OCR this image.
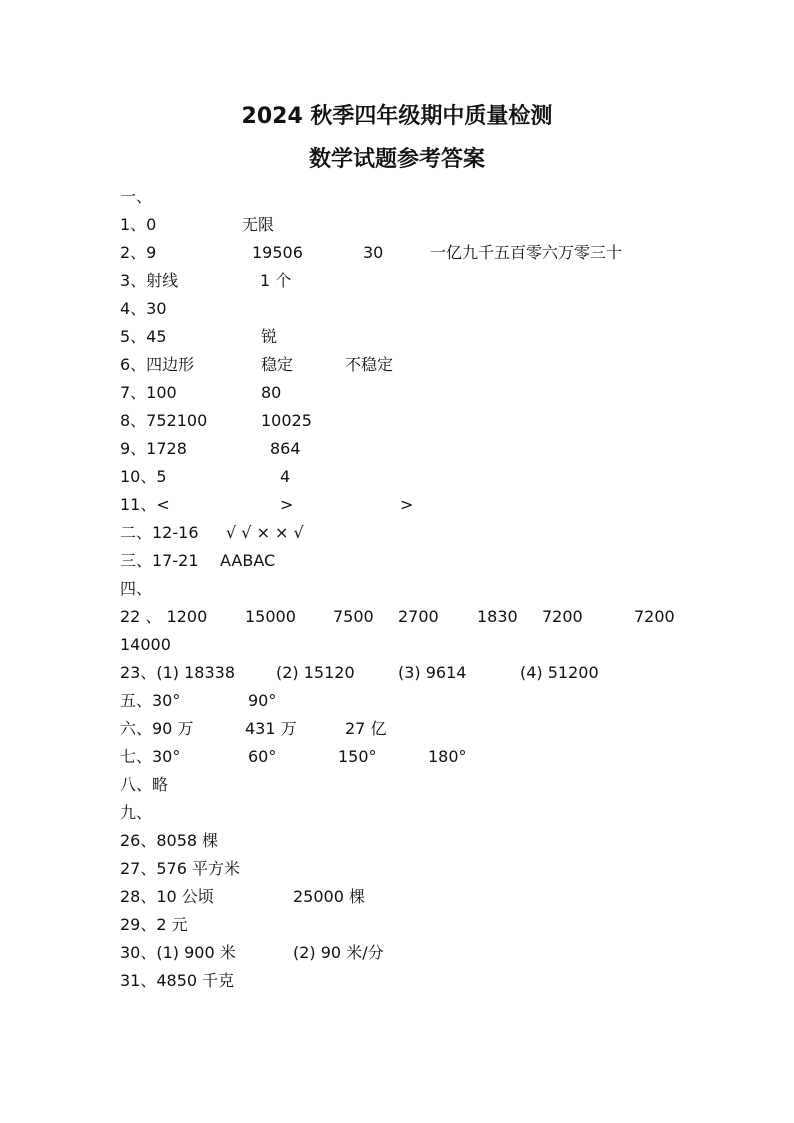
2024 秋季四年级期中质量检测
数学试题参考答案
一、
1、0	无限
2、9	19506	30	一亿九千五百零六万零三十
3、射线	1 个
4、30
5、45	锐
6、四边形	稳定	不稳定
7、100	80
8、752100	10025
9、1728	864
10、5	4
11、<	>	>
二、12-16 √ √ × × √
三、17-21 AABAC
四、
22 、 1200 15000 7500 2700 1830 7200	7200
14000
23、(1) 18338	(2) 15120	(3) 9614	(4) 51200
五、30°	90°
六、90 万	431 万	27 亿
七、30°	60°	150°	180°
八、略
九、
26、8058 棵
27、576 平方米
28、10 公顷	25000 棵
29、2 元
30、(1) 900 米	(2) 90 米/分
31、4850 千克
